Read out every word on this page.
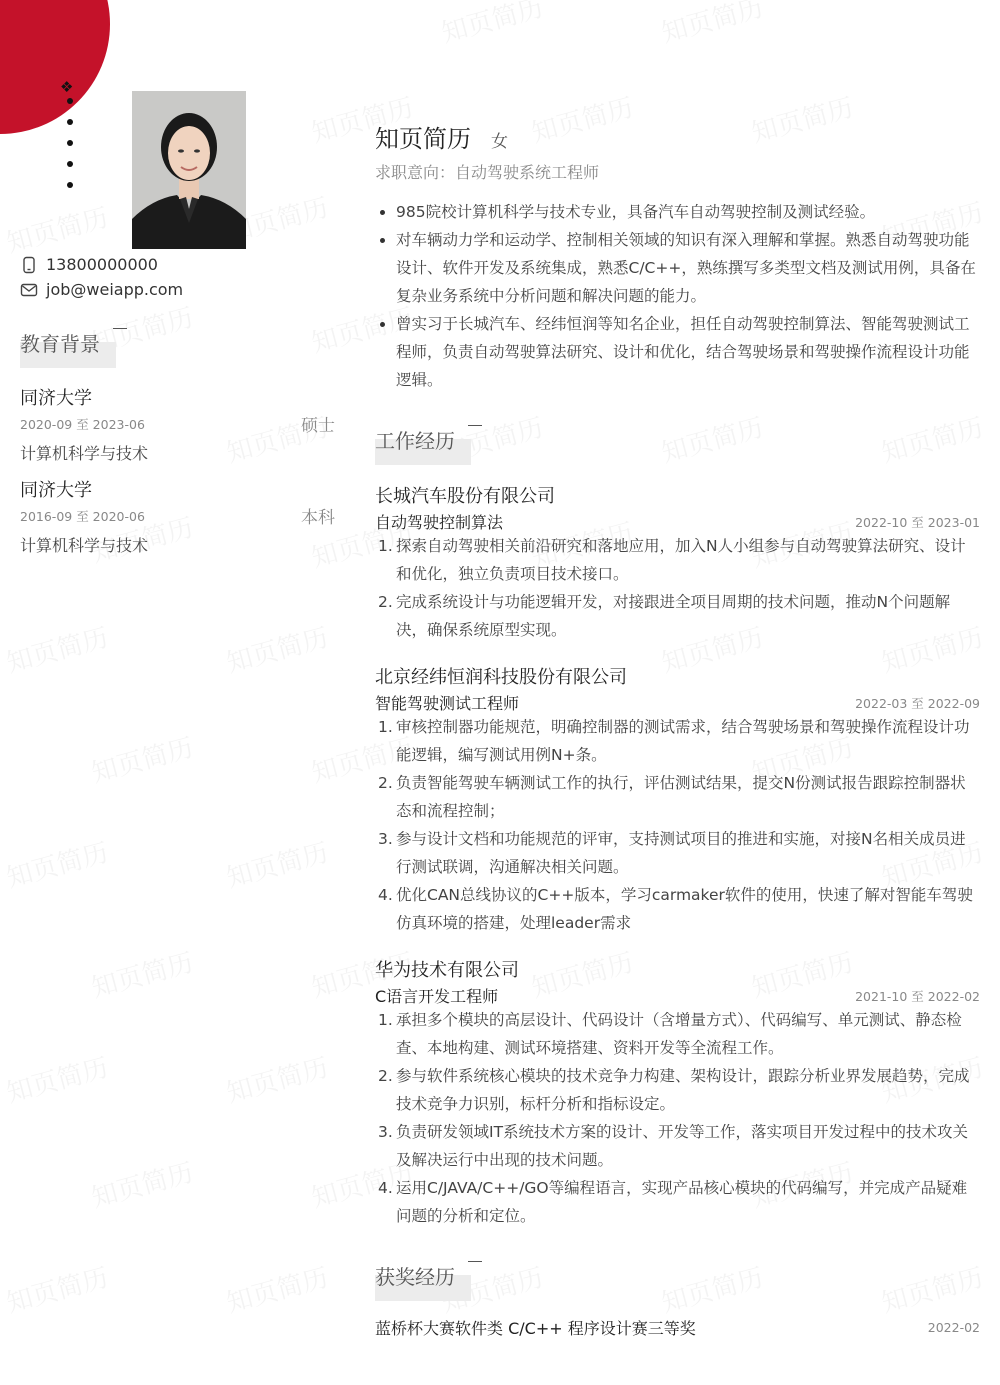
❖
13800000000
job@weiapp.com
教育背景
同济大学
2020-09 至 2023-06	硕士
计算机科学与技术
同济大学
2016-09 至 2020-06	本科
计算机科学与技术
知页简历 女
求职意向：自动驾驶系统工程师
985院校计算机科学与技术专业，具备汽车自动驾驶控制及测试经验。
对车辆动力学和运动学、控制相关领域的知识有深入理解和掌握。熟悉自动驾驶功能设计、软件开发及系统集成，熟悉C/C++，熟练撰写多类型文档及测试用例，具备在复杂业务系统中分析问题和解决问题的能力。
曾实习于长城汽车、经纬恒润等知名企业，担任自动驾驶控制算法、智能驾驶测试工程师，负责自动驾驶算法研究、设计和优化，结合驾驶场景和驾驶操作流程设计功能逻辑。
工作经历
长城汽车股份有限公司
自动驾驶控制算法	2022-10 至 2023-01
1. 探索自动驾驶相关前沿研究和落地应用，加入N人小组参与自动驾驶算法研究、设计和优化，独立负责项目技术接口。
2. 完成系统设计与功能逻辑开发，对接跟进全项目周期的技术问题，推动N个问题解决，确保系统原型实现。
北京经纬恒润科技股份有限公司
智能驾驶测试工程师	2022-03 至 2022-09
1. 审核控制器功能规范，明确控制器的测试需求，结合驾驶场景和驾驶操作流程设计功能逻辑，编写测试用例N+条。
2. 负责智能驾驶车辆测试工作的执行，评估测试结果，提交N份测试报告跟踪控制器状态和流程控制；
3. 参与设计文档和功能规范的评审，支持测试项目的推进和实施，对接N名相关成员进行测试联调，沟通解决相关问题。
4. 优化CAN总线协议的C++版本，学习carmaker软件的使用，快速了解对智能车驾驶仿真环境的搭建，处理leader需求
华为技术有限公司
C语言开发工程师	2021-10 至 2022-02
1. 承担多个模块的高层设计、代码设计（含增量方式）、代码编写、单元测试、静态检查、本地构建、测试环境搭建、资料开发等全流程工作。
2. 参与软件系统核心模块的技术竞争力构建、架构设计，跟踪分析业界发展趋势，完成技术竞争力识别，标杆分析和指标设定。
3. 负责研发领域IT系统技术方案的设计、开发等工作，落实项目开发过程中的技术攻关及解决运行中出现的技术问题。
4. 运用C/JAVA/C++/GO等编程语言，实现产品核心模块的代码编写，并完成产品疑难问题的分析和定位。
获奖经历
蓝桥杯大赛软件类 C/C++ 程序设计赛三等奖	2022-02
